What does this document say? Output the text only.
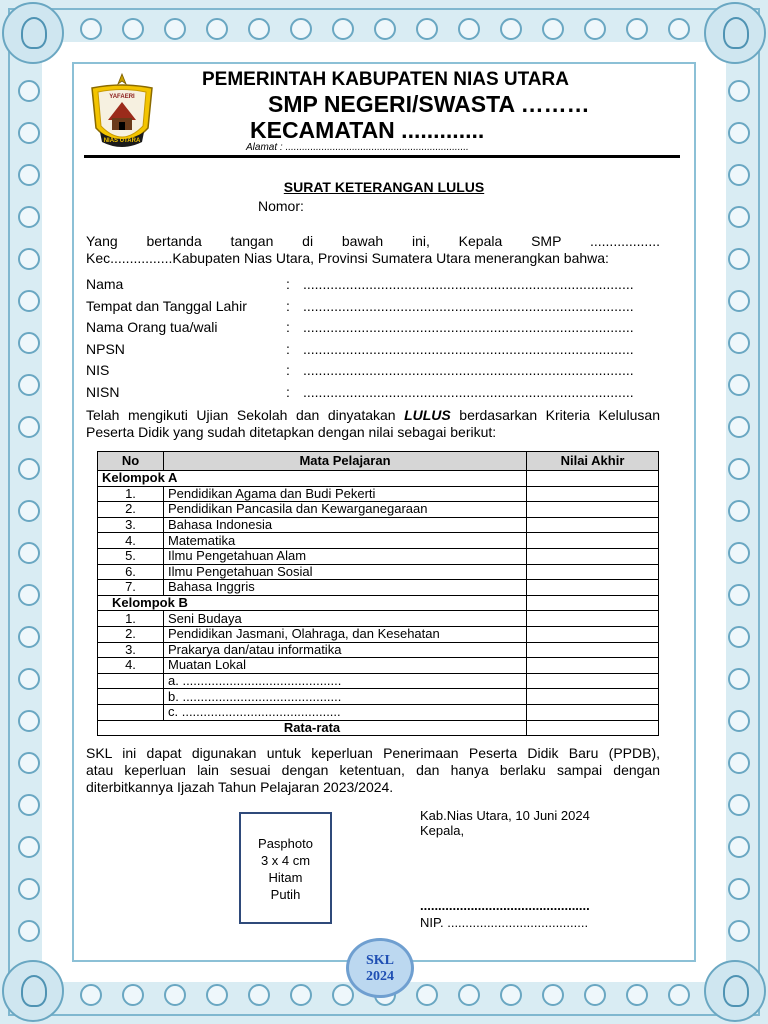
YAFAERI
NIAS UTARA
PEMERINTAH KABUPATEN NIAS UTARA
SMP NEGERI/SWASTA ………
KECAMATAN .............
Alamat : ..................................................................
SURAT KETERANGAN LULUS
Nomor:
Yang bertanda tangan di bawah ini, Kepala SMP ..................
Kec................Kabupaten Nias Utara, Provinsi Sumatera Utara menerangkan bahwa:
Nama	: .....................................................................................
Tempat dan Tanggal Lahir	: .....................................................................................
Nama Orang tua/wali	: .....................................................................................
NPSN	: .....................................................................................
NIS	: .....................................................................................
NISN	: .....................................................................................
Telah mengikuti Ujian Sekolah dan dinyatakan LULUS berdasarkan Kriteria Kelulusan
Peserta Didik yang sudah ditetapkan dengan nilai sebagai berikut:
No	Mata Pelajaran	Nilai Akhir
Kelompok A		
1.	Pendidikan Agama dan Budi Pekerti	
2.	Pendidikan Pancasila dan Kewarganegaraan	
3.	Bahasa Indonesia	
4.	Matematika	
5.	Ilmu Pengetahuan Alam	
6.	Ilmu Pengetahuan Sosial	
7.	Bahasa Inggris	
Kelompok B		
1.	Seni Budaya	
2.	Pendidikan Jasmani, Olahraga, dan Kesehatan	
3.	Prakarya dan/atau informatika	
4.	Muatan Lokal	
	a. ............................................	
	b. ............................................	
	c. ............................................	
Rata-rata		
SKL ini dapat digunakan untuk keperluan Penerimaan Peserta Didik Baru (PPDB),
atau keperluan lain sesuai dengan ketentuan, dan hanya berlaku sampai dengan
diterbitkannya Ijazah Tahun Pelajaran 2023/2024.
Pasphoto
3 x 4 cm
Hitam
Putih
Kab.Nias Utara, 10 Juni 2024
Kepala,
...............................................
NIP. .......................................
SKL
2024
